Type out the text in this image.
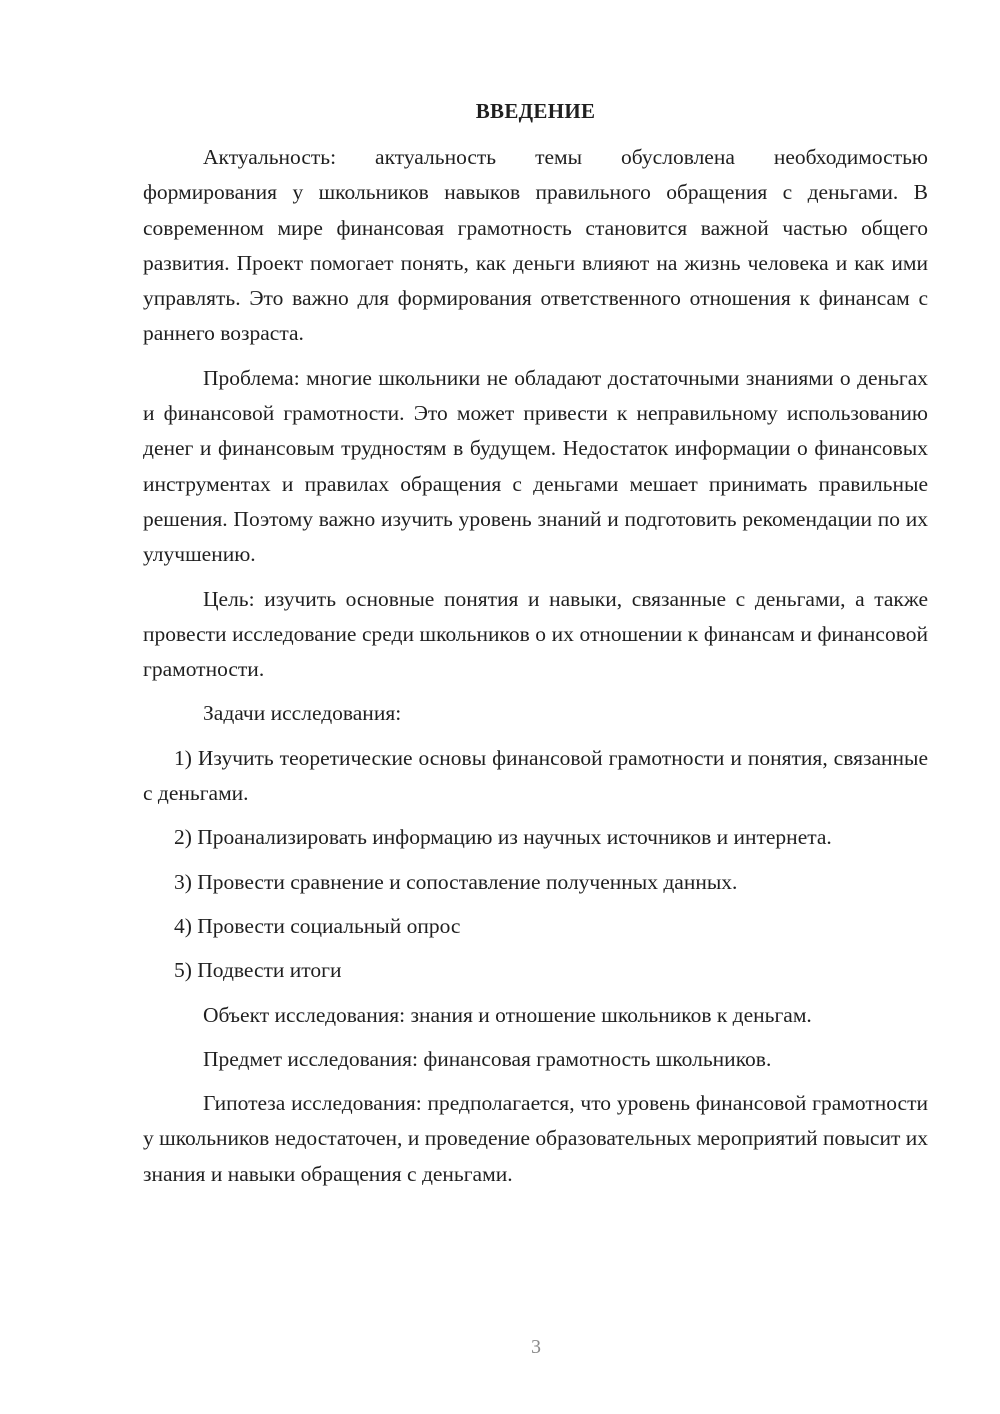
ВВЕДЕНИЕ

Актуальность: актуальность темы обусловлена необходимостью формирования у школьников навыков правильного обращения с деньгами. В современном мире финансовая грамотность становится важной частью общего развития. Проект помогает понять, как деньги влияют на жизнь человека и как ими управлять. Это важно для формирования ответственного отношения к финансам с раннего возраста.

Проблема: многие школьники не обладают достаточными знаниями о деньгах и финансовой грамотности. Это может привести к неправильному использованию денег и финансовым трудностям в будущем. Недостаток информации о финансовых инструментах и правилах обращения с деньгами мешает принимать правильные решения. Поэтому важно изучить уровень знаний и подготовить рекомендации по их улучшению.

Цель: изучить основные понятия и навыки, связанные с деньгами, а также провести исследование среди школьников о их отношении к финансам и финансовой грамотности.

Задачи исследования:

1) Изучить теоретические основы финансовой грамотности и понятия, связанные с деньгами.

2) Проанализировать информацию из научных источников и интернета.

3) Провести сравнение и сопоставление полученных данных.

4) Провести социальный опрос

5) Подвести итоги

Объект исследования: знания и отношение школьников к деньгам.

Предмет исследования: финансовая грамотность школьников.

Гипотеза исследования: предполагается, что уровень финансовой грамотности у школьников недостаточен, и проведение образовательных мероприятий повысит их знания и навыки обращения с деньгами.

3
